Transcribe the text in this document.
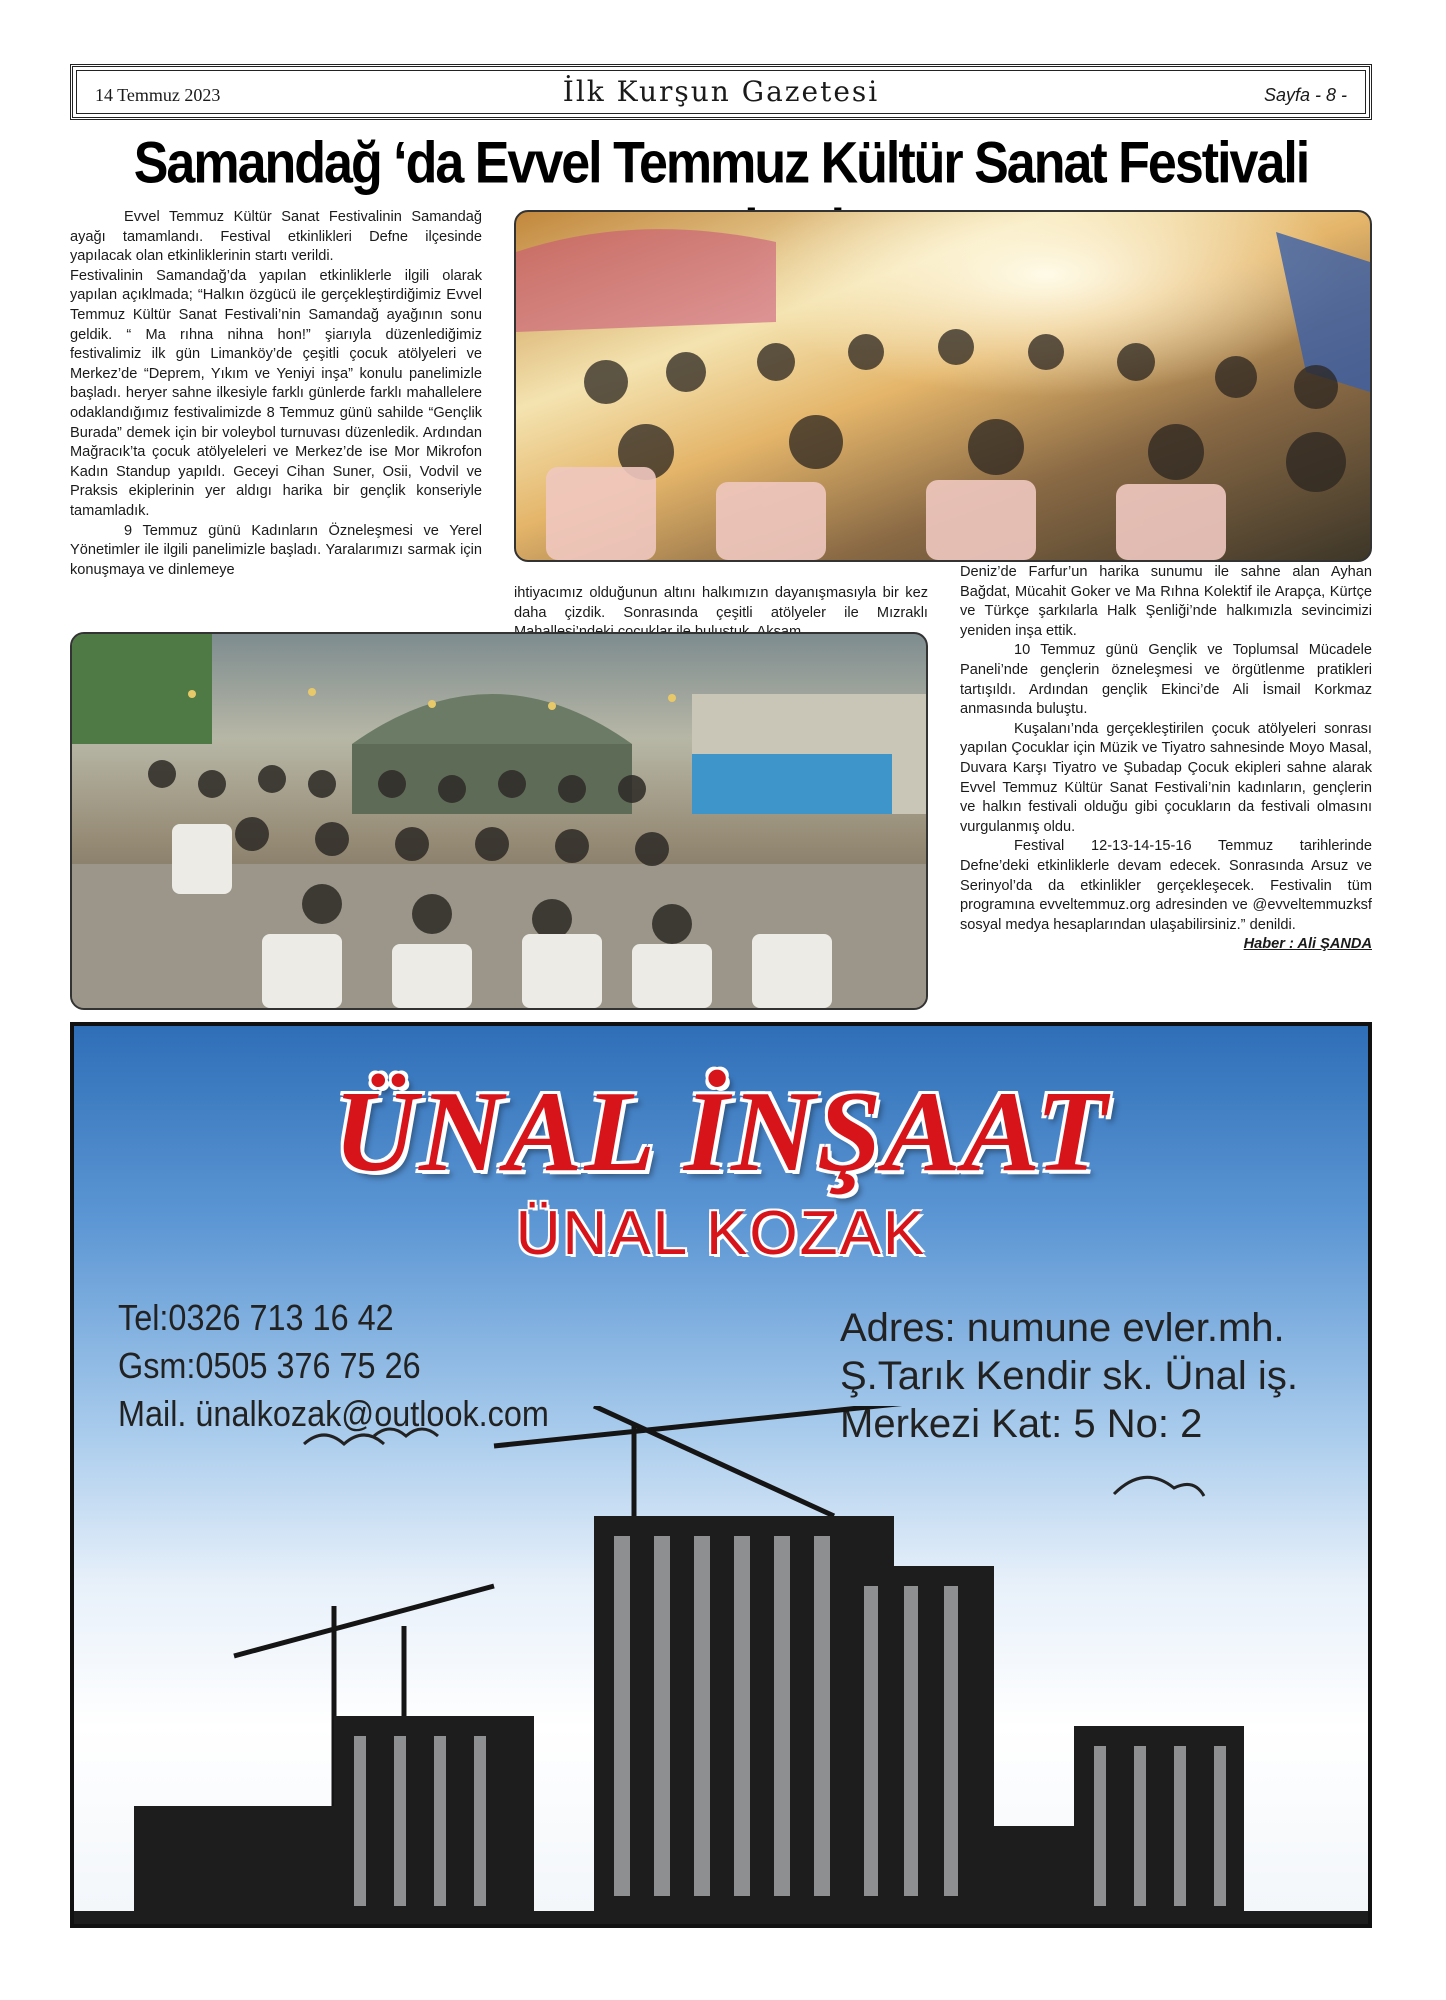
14 Temmuz 2023	İlk Kurşun Gazetesi	Sayfa - 8 -
Samandağ ‘da Evvel Temmuz Kültür Sanat Festivali

Evvel Temmuz Kültür Sanat Festivalinin Samandağ ayağı tamamlandı. Festival etkinlikleri Defne ilçesinde yapılacak olan etkinliklerinin startı verildi.

Festivalinin Samandağ’da yapılan etkinliklerle ilgili olarak yapılan açıklmada; “Halkın özgücü ile gerçekleştirdiğimiz Evvel Temmuz Kültür Sanat Festivali’nin Samandağ ayağının sonu geldik. “ Ma rıhna nihna hon!” şiarıyla düzenlediğimiz festivalimiz ilk gün Limanköy’de çeşitli çocuk atölyeleri ve Merkez’de “Deprem, Yıkım ve Yeniyi inşa” konulu panelimizle başladı. heryer sahne ilkesiyle farklı günlerde farklı mahallelere odaklandığımız festivalimizde 8 Temmuz günü sahilde “Gençlik Burada” demek için bir voleybol turnuvası düzenledik. Ardından Mağracık’ta çocuk atölyeleleri ve Merkez’de ise Mor Mikrofon Kadın Standup yapıldı. Geceyi Cihan Suner, Osii, Vodvil ve Praksis ekiplerinin yer aldıgı harika bir gençlik konseriyle tamamladık.

9 Temmuz günü Kadınların Özneleşmesi ve Yerel Yönetimler ile ilgili panelimizle başladı. Yaralarımızı sarmak için konuşmaya ve dinlemeye

ihtiyacımız olduğunun altını halkımızın dayanışmasıyla bir kez daha çizdik. Sonrasında çeşitli atölyeler ile Mızraklı

Deniz’de Farfur’un harika sunumu ile sahne alan Ayhan Bağdat, Mücahit Goker ve Ma Rıhna Kolektif ile Arapça, Kürtçe ve Türkçe şarkılarla Halk Şenliği’nde halkımızla sevincimizi yeniden inşa ettik.

10 Temmuz günü Gençlik ve Toplumsal Mücadele Paneli’nde gençlerin özneleşmesi ve örgütlenme pratikleri tartışıldı. Ardından gençlik Ekinci’de Ali İsmail Korkmaz anmasında buluştu.

Kuşalanı’nda gerçekleştirilen çocuk atölyeleri sonrası yapılan Çocuklar için Müzik ve Tiyatro sahnesinde Moyo Masal, Duvara Karşı Tiyatro ve Şubadap Çocuk ekipleri sahne alarak Evvel Temmuz Kültür Sanat Festivali’nin kadınların, gençlerin ve halkın festivali olduğu gibi çocukların da festivali olmasını vurgulanmış oldu.

Festival 12-13-14-15-16 Temmuz tarihlerinde Defne’deki etkinliklerle devam edecek. Sonrasında Arsuz ve Serinyol’da da etkinlikler gerçekleşecek. Festivalin tüm programına evveltemmuz.org adresinden ve @evveltemmuzksf sosyal medya hesaplarından ulaşabilirsiniz.” denildi.

Haber : Ali ŞANDA
ÜNAL İNŞAAT
ÜNAL KOZAK
Tel:0326 713 16 42
Gsm:0505 376 75 26
Mail. ünalkozak@outlook.com
Adres: numune evler.mh.
Ş.Tarık Kendir sk. Ünal iş.
Merkezi Kat: 5 No: 2
